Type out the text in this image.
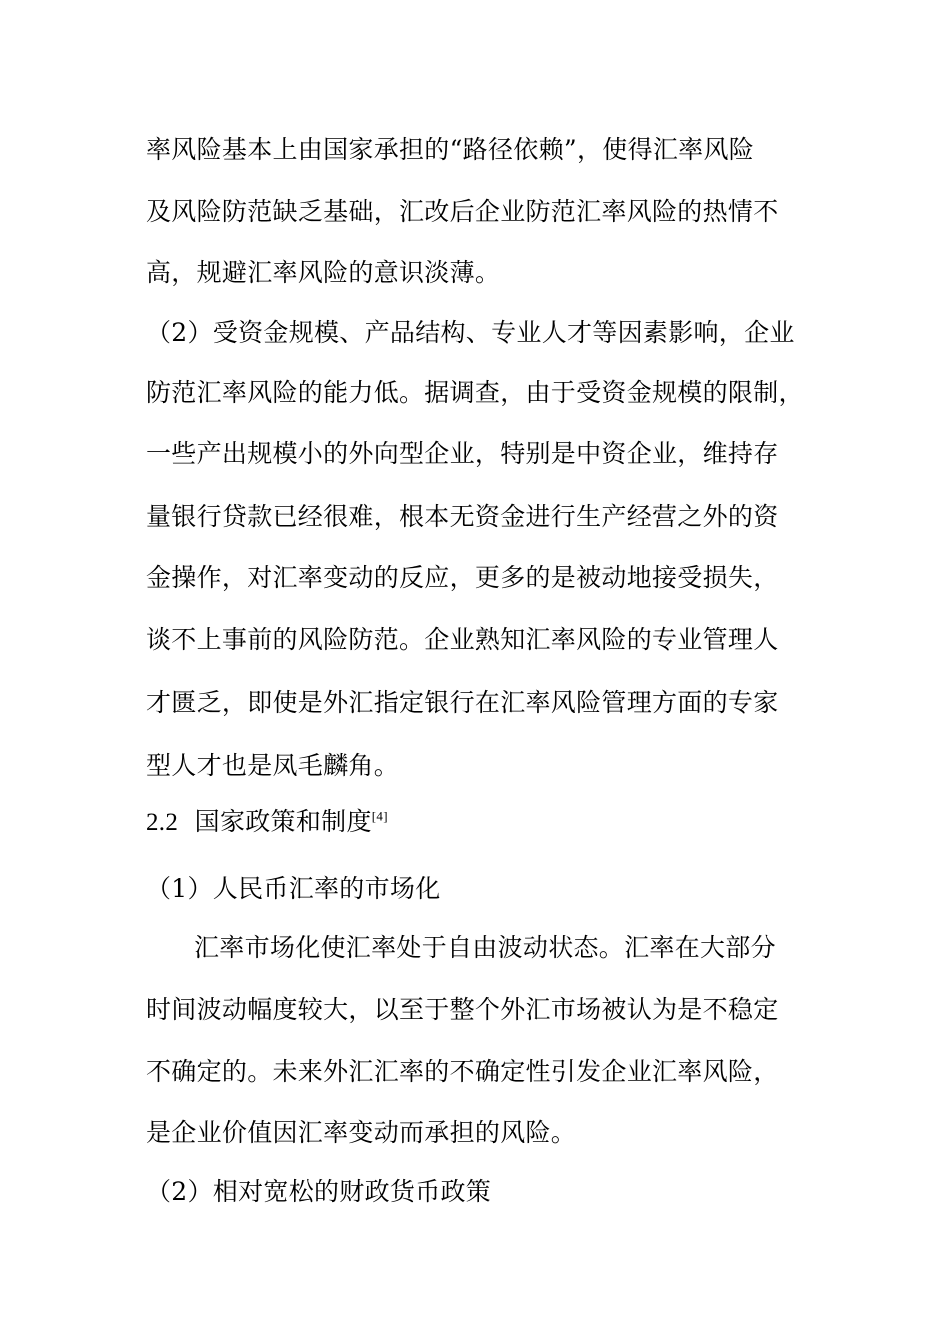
率风险基本上由国家承担的“路径依赖”，使得汇率风险
及风险防范缺乏基础，汇改后企业防范汇率风险的热情不
高，规避汇率风险的意识淡薄。
（2）受资金规模、产品结构、专业人才等因素影响，企业
防范汇率风险的能力低。据调查，由于受资金规模的限制，
一些产出规模小的外向型企业，特别是中资企业，维持存
量银行贷款已经很难，根本无资金进行生产经营之外的资
金操作，对汇率变动的反应，更多的是被动地接受损失，
谈不上事前的风险防范。企业熟知汇率风险的专业管理人
才匮乏，即使是外汇指定银行在汇率风险管理方面的专家
型人才也是凤毛麟角。
2.2 国家政策和制度[4]
（1）人民币汇率的市场化
汇率市场化使汇率处于自由波动状态。汇率在大部分
时间波动幅度较大，以至于整个外汇市场被认为是不稳定
不确定的。未来外汇汇率的不确定性引发企业汇率风险，
是企业价值因汇率变动而承担的风险。
（2）相对宽松的财政货币政策
